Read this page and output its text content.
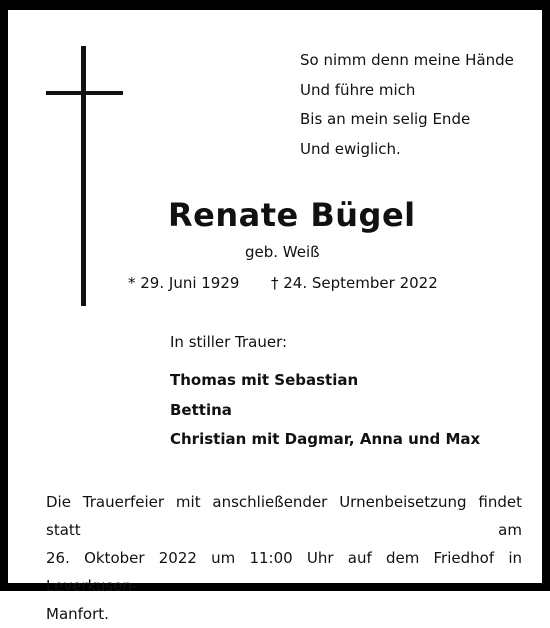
So nimm denn meine Hände
Und führe mich
Bis an mein selig Ende
Und ewiglich.
Renate Bügel
geb. Weiß
* 29. Juni 1929 † 24. September 2022
In stiller Trauer:
Thomas mit Sebastian
Bettina
Christian mit Dagmar, Anna und Max
Die Trauerfeier mit anschließender Urnenbeisetzung findet statt am
26. Oktober 2022 um 11:00 Uhr auf dem Friedhof in Leverkusen-
Manfort.
